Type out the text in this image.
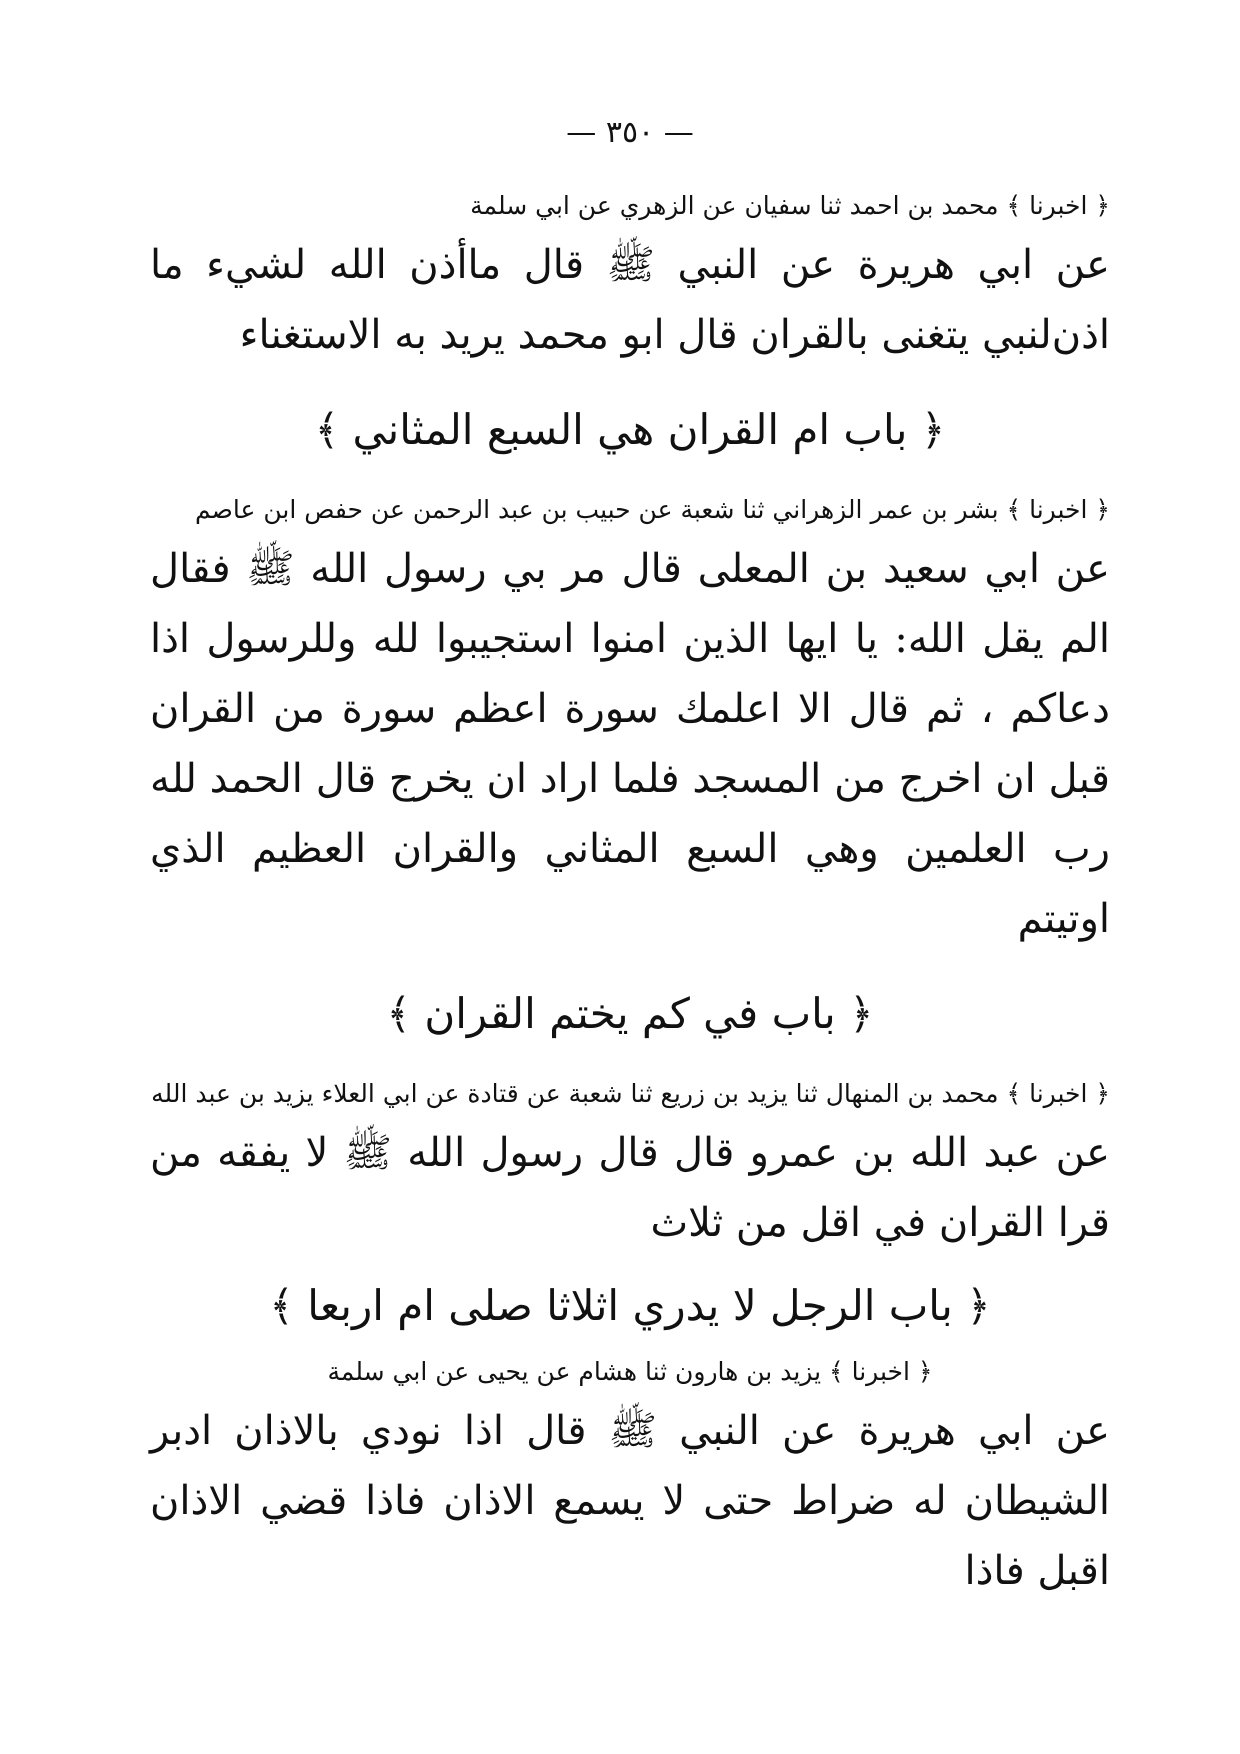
— ٣٥٠ —

﴿ اخبرنا ﴾ محمد بن احمد ثنا سفيان عن الزهري عن ابي سلمة

عن ابي هريرة عن النبي ﷺ قال ماأذن الله لشيء ما اذن‌لنبي يتغنى بالقران قال ابو محمد يريد به الاستغناء

﴿ باب ام القران هي السبع المثاني ﴾

﴿ اخبرنا ﴾ بشر بن عمر الزهراني ثنا شعبة عن حبيب بن عبد الرحمن عن حفص ابن عاصم

عن ابي سعيد بن المعلى قال مر بي رسول الله ﷺ فقال الم يقل الله: يا ايها الذين امنوا استجيبوا لله وللرسول اذا دعاكم ، ثم قال الا اعلمك سورة اعظم سورة من القران قبل ان اخرج من المسجد فلما اراد ان يخرج قال الحمد لله رب العلمين وهي السبع المثاني والقران العظيم الذي اوتيتم

﴿ باب في كم يختم القران ﴾

﴿ اخبرنا ﴾ محمد بن المنهال ثنا يزيد بن زريع ثنا شعبة عن قتادة عن ابي العلاء يزيد بن عبد الله

عن عبد الله بن عمرو قال قال رسول الله ﷺ لا يفقه من قرا القران في اقل من ثلاث

﴿ باب الرجل لا يدري اثلاثا صلى ام اربعا ﴾

﴿ اخبرنا ﴾ يزيد بن هارون ثنا هشام عن يحيى عن ابي سلمة

عن ابي هريرة عن النبي ﷺ قال اذا نودي بالاذان ادبر الشيطان له ضراط حتى لا يسمع الاذان فاذا قضي الاذان اقبل فاذا
